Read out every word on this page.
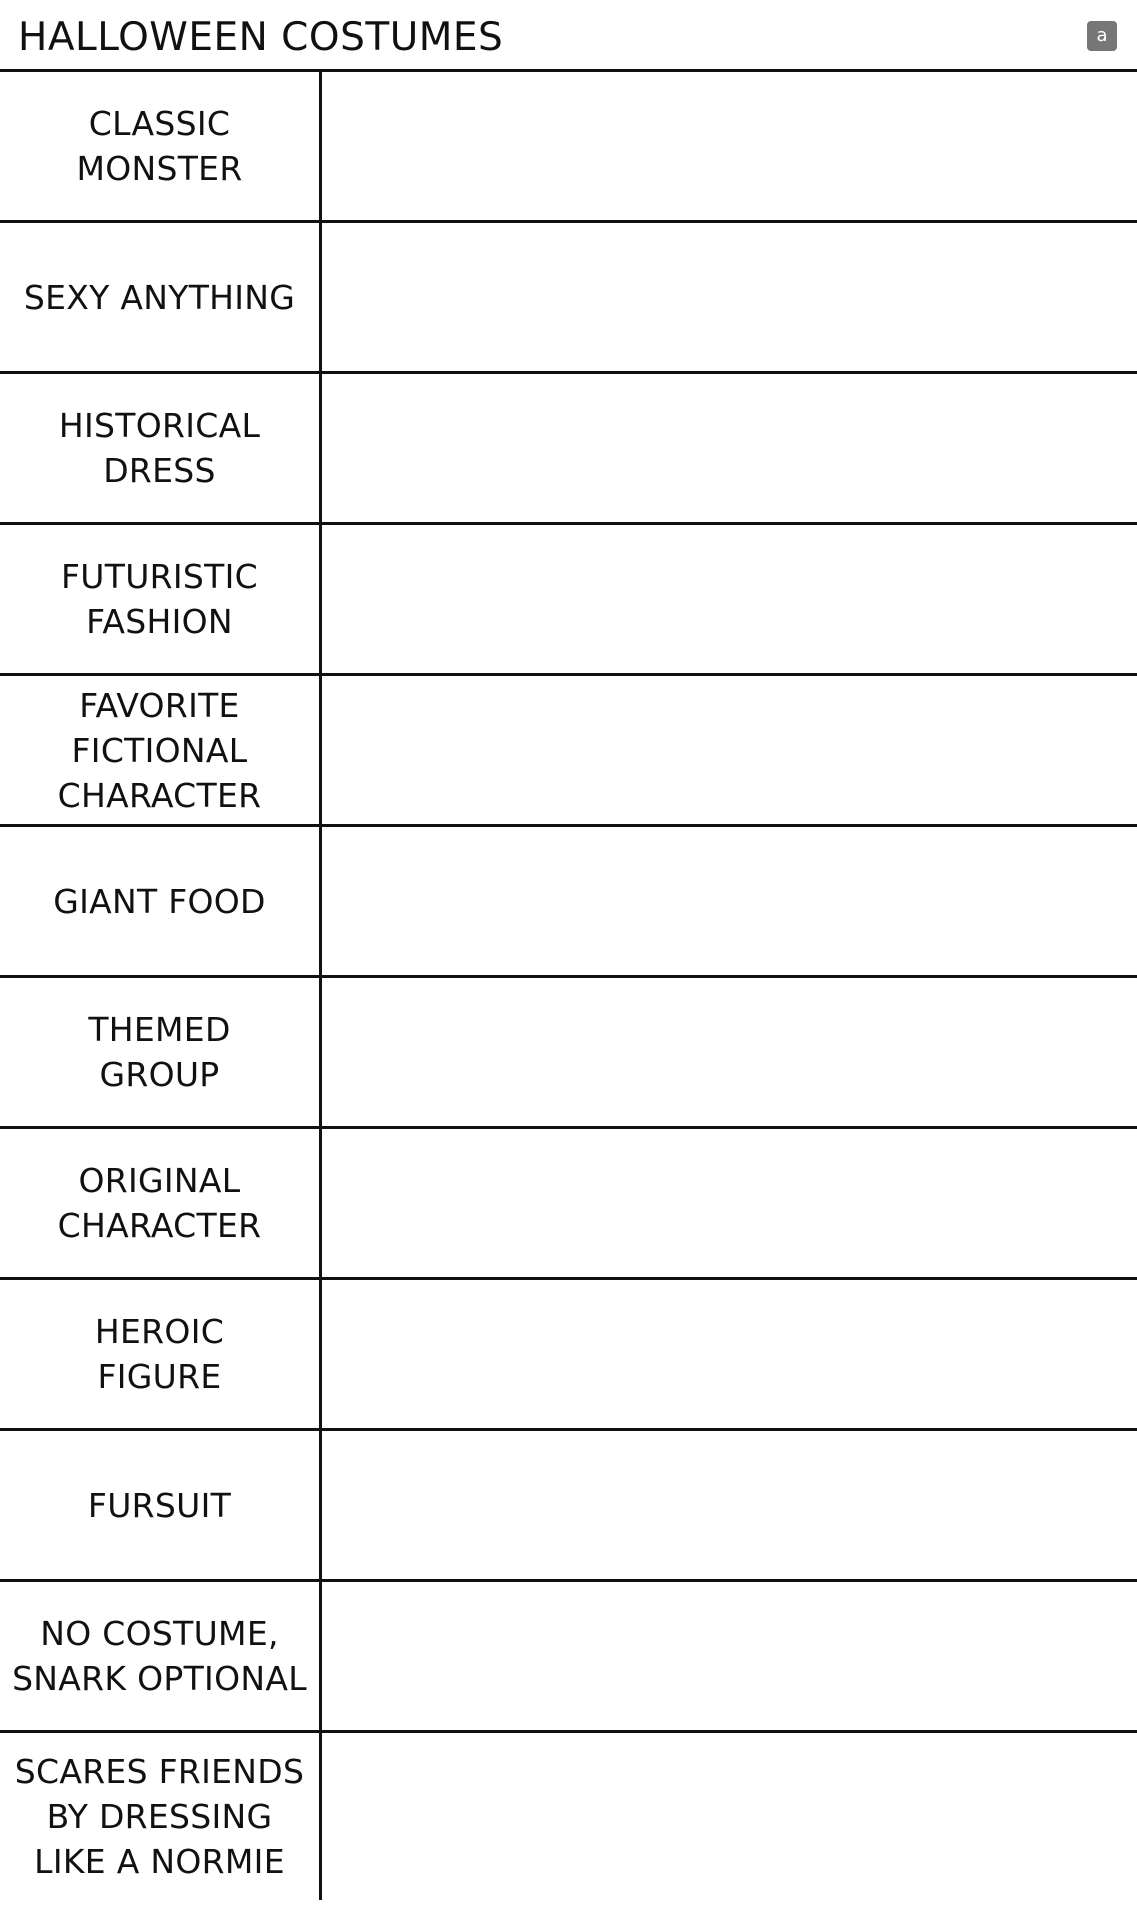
HALLOWEEN COSTUMES	a
CLASSIC
MONSTER
SEXY ANYTHING
HISTORICAL
DRESS
FUTURISTIC
FASHION
FAVORITE
FICTIONAL
CHARACTER
GIANT FOOD
THEMED
GROUP
ORIGINAL
CHARACTER
HEROIC
FIGURE
FURSUIT
NO COSTUME,
SNARK OPTIONAL
SCARES FRIENDS
BY DRESSING
LIKE A NORMIE
